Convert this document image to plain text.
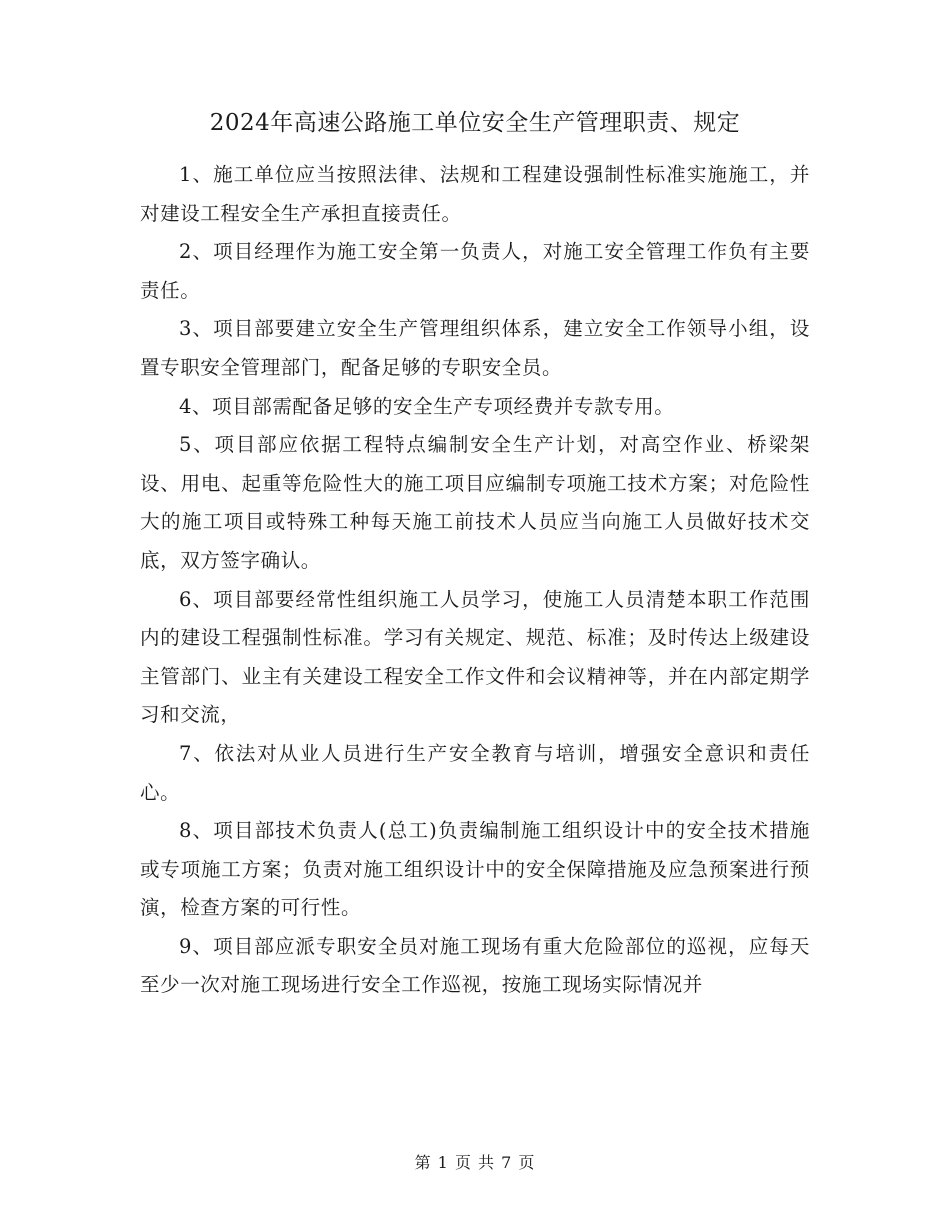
2024年高速公路施工单位安全生产管理职责、规定

1、施工单位应当按照法律、法规和工程建设强制性标准实施施工，并对建设工程安全生产承担直接责任。

2、项目经理作为施工安全第一负责人，对施工安全管理工作负有主要责任。

3、项目部要建立安全生产管理组织体系，建立安全工作领导小组，设置专职安全管理部门，配备足够的专职安全员。

4、项目部需配备足够的安全生产专项经费并专款专用。

5、项目部应依据工程特点编制安全生产计划，对高空作业、桥梁架设、用电、起重等危险性大的施工项目应编制专项施工技术方案；对危险性大的施工项目或特殊工种每天施工前技术人员应当向施工人员做好技术交底，双方签字确认。

6、项目部要经常性组织施工人员学习，使施工人员清楚本职工作范围内的建设工程强制性标准。学习有关规定、规范、标准；及时传达上级建设主管部门、业主有关建设工程安全工作文件和会议精神等，并在内部定期学习和交流，

7、依法对从业人员进行生产安全教育与培训，增强安全意识和责任心。

8、项目部技术负责人(总工)负责编制施工组织设计中的安全技术措施或专项施工方案；负责对施工组织设计中的安全保障措施及应急预案进行预演，检查方案的可行性。

9、项目部应派专职安全员对施工现场有重大危险部位的巡视，应每天至少一次对施工现场进行安全工作巡视，按施工现场实际情况并

第 1 页 共 7 页
